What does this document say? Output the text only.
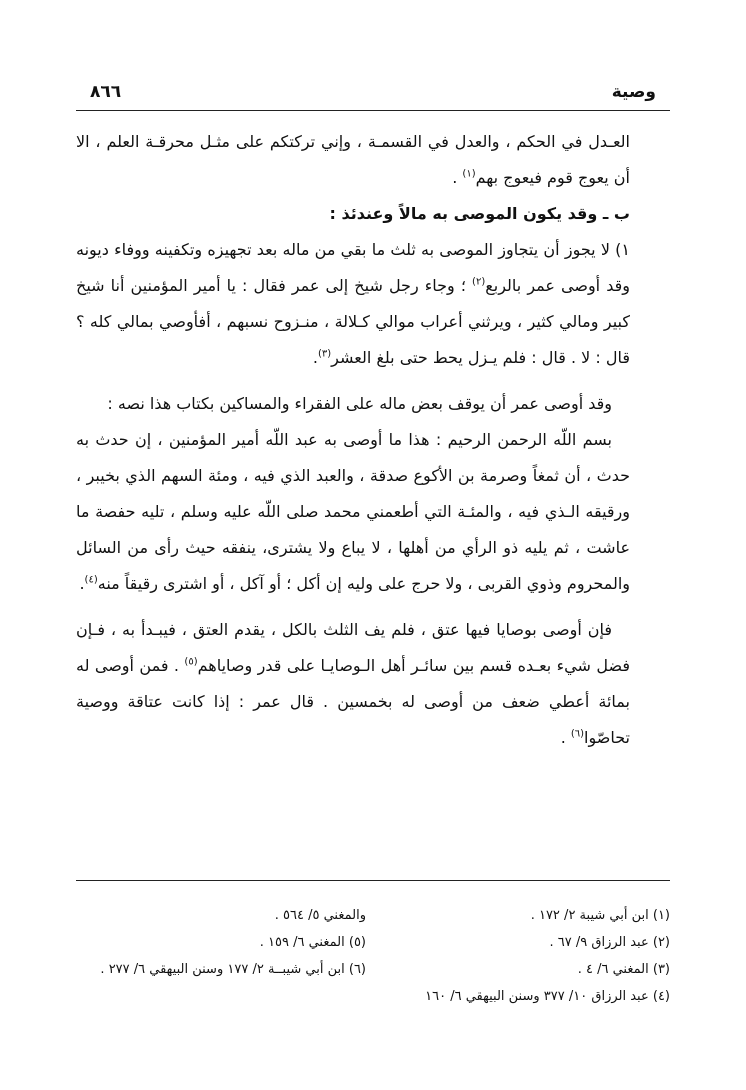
وصية
٨٦٦

العـدل في الحكم ، والعدل في القسمـة ، وإني تركتكم على مثـل محرقـة العلم ، الا أن يعوج قوم فيعوج بهم$^{(١)}$ .

ب ـ وقد يكون الموصى به مالاً وعندئذ :

١) لا يجوز أن يتجاوز الموصى به ثلث ما بقي من ماله بعد تجهيزه وتكفينه ووفاء ديونه وقد أوصى عمر بالربع$^{(٢)}$ ؛ وجاء رجل شيخ إلى عمر فقال : يا أمير المؤمنين أنا شيخ كبير ومالي كثير ، ويرثني أعراب موالي كـلالة ، منـزوح نسبهم ، أفأوصي بمالي كله ؟ قال : لا . قال : فلم يـزل يحط حتى بلغ العشر$^{(٣)}$.

وقد أوصى عمر أن يوقف بعض ماله على الفقراء والمساكين بكتاب هذا نصه :

بسم اللّه الرحمن الرحيم : هذا ما أوصى به عبد اللّه أمير المؤمنين ، إن حدث به حدث ، أن ثمغاً وصرمة بن الأكوع صدقة ، والعبد الذي فيه ، ومئة السهم الذي بخيبر ، ورقيقه الـذي فيه ، والمئـة التي أطعمني محمد صلى اللّه عليه وسلم ، تليه حفصة ما عاشت ، ثم يليه ذو الرأي من أهلها ، لا يباع ولا يشترى، ينفقه حيث رأى من السائل والمحروم وذوي القربى ، ولا حرج على وليه إن أكل ؛ أو آكل ، أو اشترى رقيقاً منه$^{(٤)}$.

فإن أوصى بوصايا فيها عتق ، فلم يف الثلث بالكل ، يقدم العتق ، فيبـدأ به ، فـإن فضل شيء بعـده قسم بين سائـر أهل الـوصايـا على قدر وصاياهم$^{(٥)}$ . فمن أوصى له بمائة أعطي ضعف من أوصى له بخمسين . قال عمر : إذا كانت عتاقة ووصية تحاصّوا$^{(٦)}$ .

(١) ابن أبي شيبة ٢/ ١٧٢ .
(٢) عبد الرزاق ٩/ ٦٧ .
(٣) المغني ٦/ ٤ .
(٤) عبد الرزاق ١٠/ ٣٧٧ وسنن البيهقي ٦/ ١٦٠
والمغني ٥/ ٥٦٤ .
(٥) المغني ٦/ ١٥٩ .
(٦) ابن أبي شيبــة ٢/ ١٧٧ وسنن البيهقي ٦/ ٢٧٧ .
